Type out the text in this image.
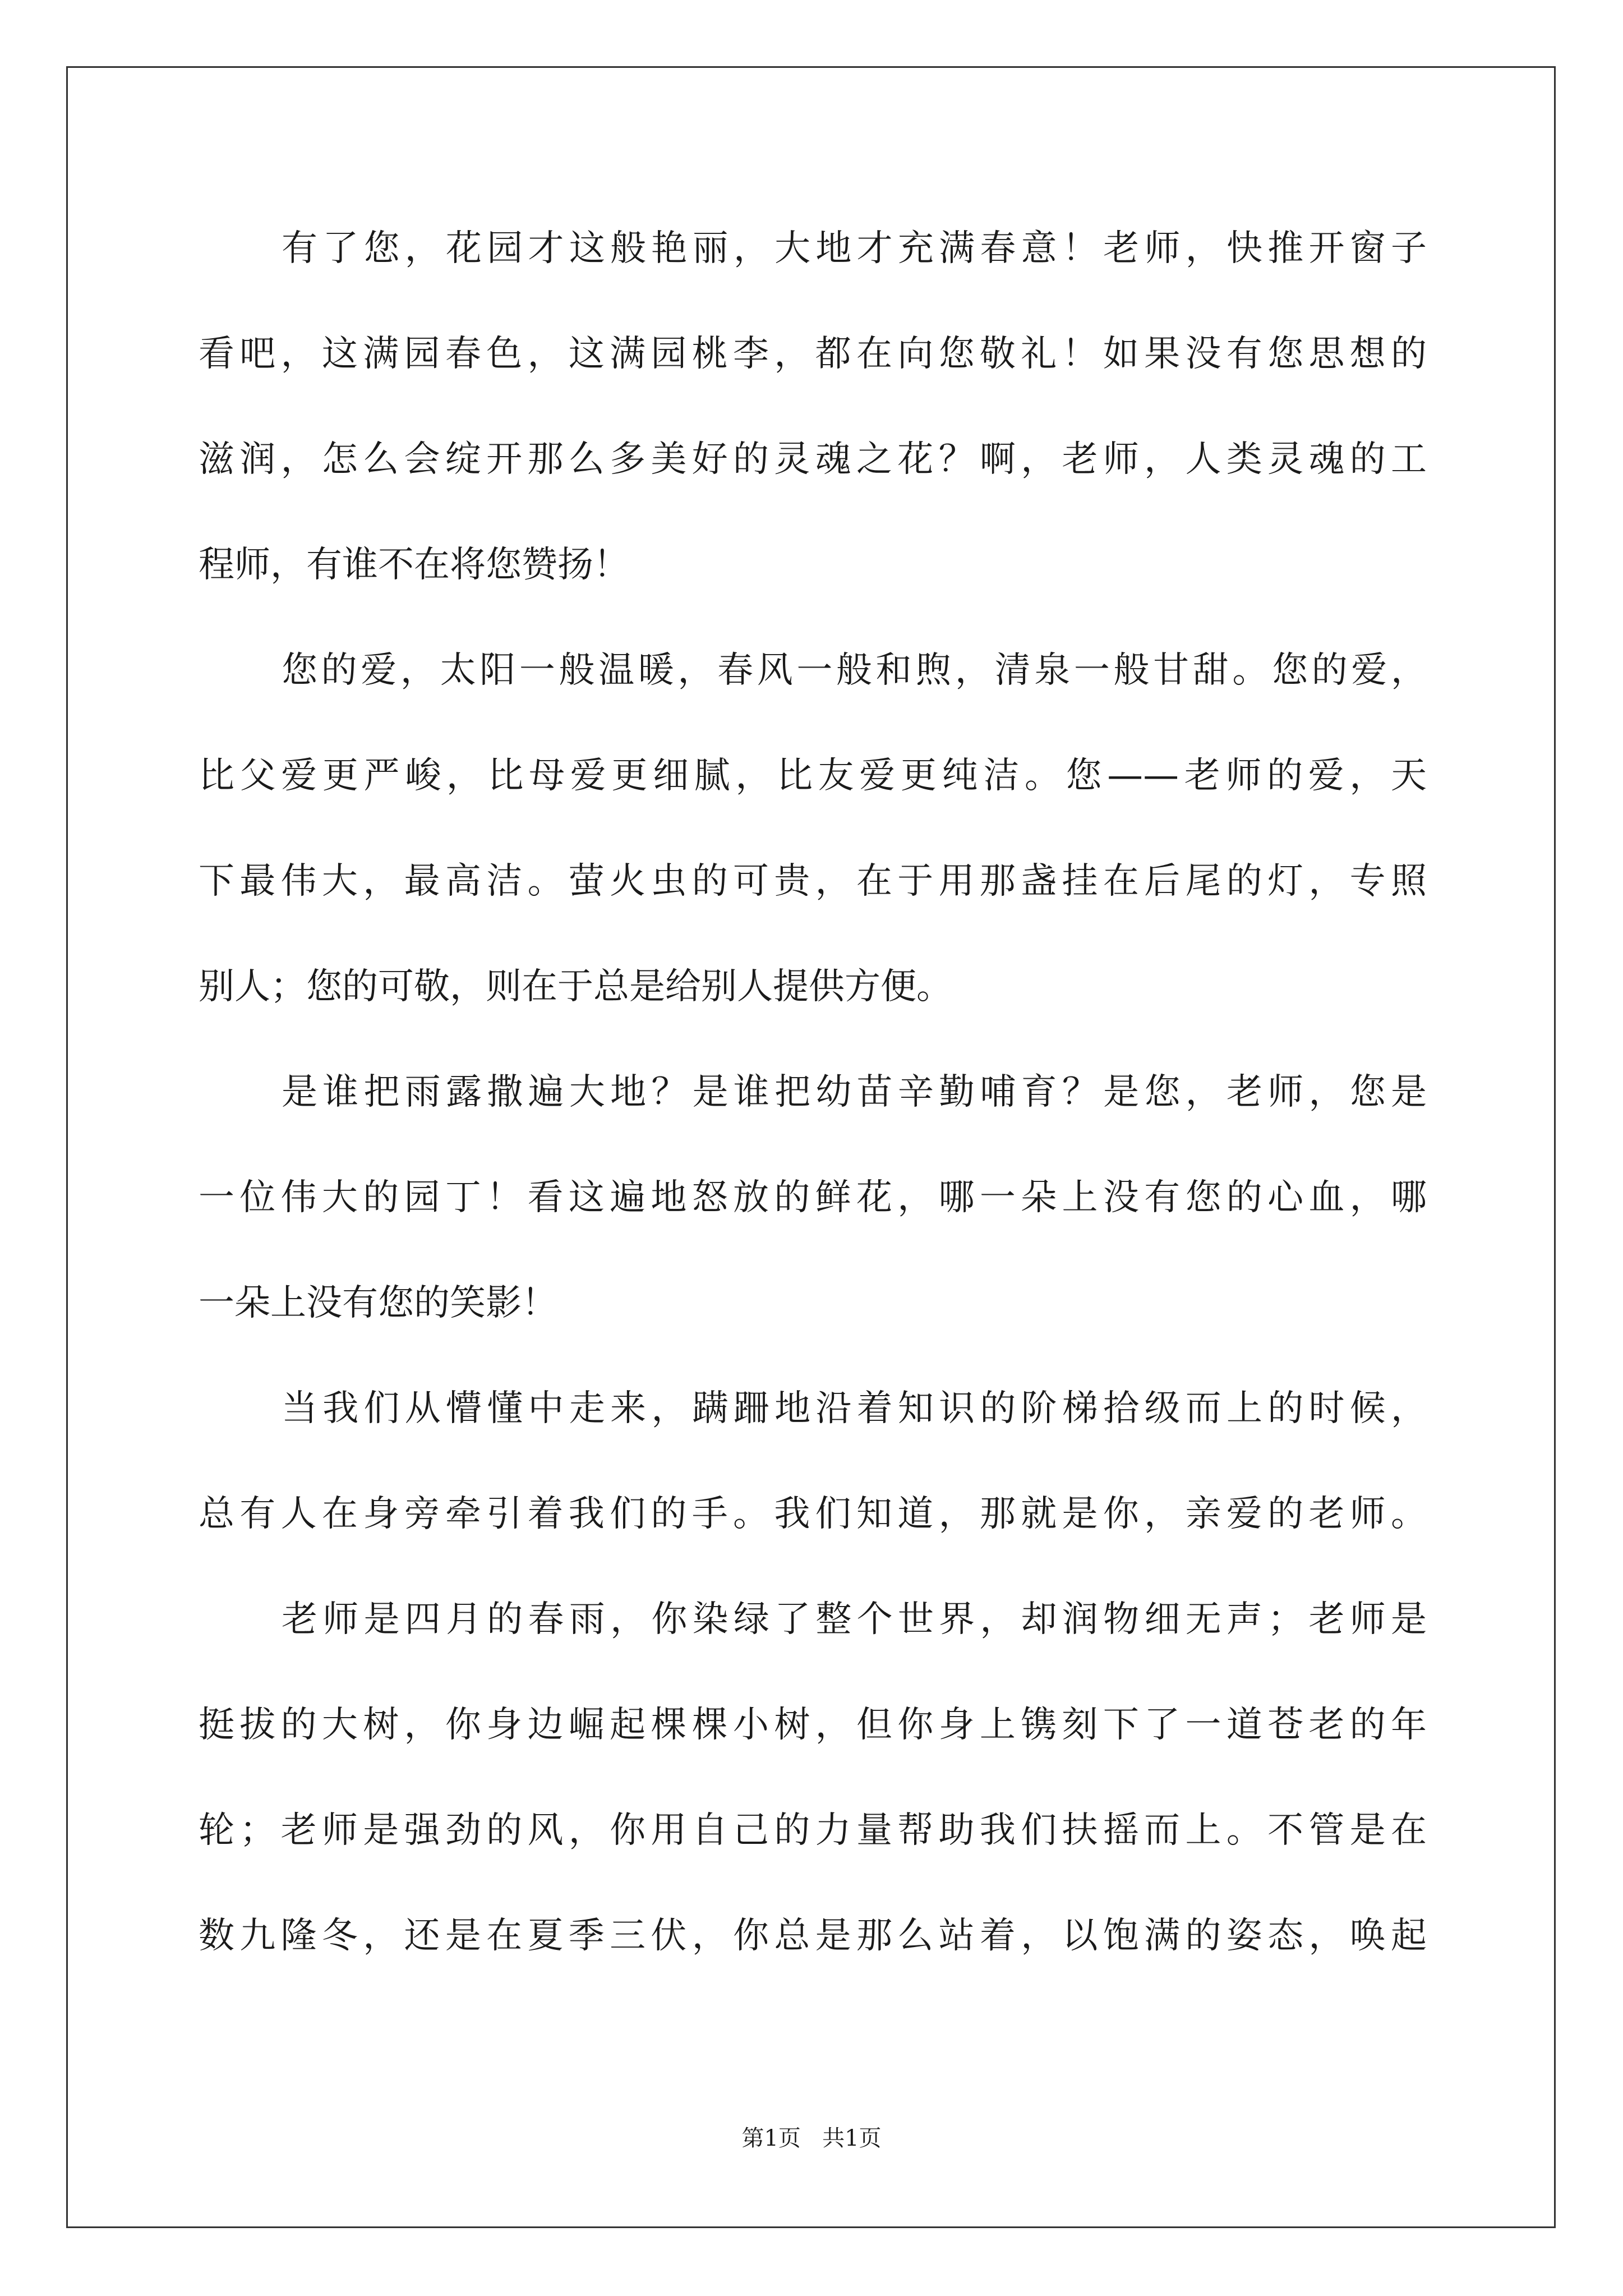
有了您，花园才这般艳丽，大地才充满春意！老师，快推开窗子
看吧，这满园春色，这满园桃李，都在向您敬礼！如果没有您思想的
滋润，怎么会绽开那么多美好的灵魂之花？啊，老师，人类灵魂的工
程师，有谁不在将您赞扬！
您的爱，太阳一般温暖，春风一般和煦，清泉一般甘甜。您的爱，
比父爱更严峻，比母爱更细腻，比友爱更纯洁。您——老师的爱，天
下最伟大，最高洁。萤火虫的可贵，在于用那盏挂在后尾的灯，专照
别人；您的可敬，则在于总是给别人提供方便。
是谁把雨露撒遍大地？是谁把幼苗辛勤哺育？是您，老师，您是
一位伟大的园丁！看这遍地怒放的鲜花，哪一朵上没有您的心血，哪
一朵上没有您的笑影！
当我们从懵懂中走来，蹒跚地沿着知识的阶梯拾级而上的时候，
总有人在身旁牵引着我们的手。我们知道，那就是你，亲爱的老师。
老师是四月的春雨，你染绿了整个世界，却润物细无声；老师是
挺拔的大树，你身边崛起棵棵小树，但你身上镌刻下了一道苍老的年
轮；老师是强劲的风，你用自己的力量帮助我们扶摇而上。不管是在
数九隆冬，还是在夏季三伏，你总是那么站着，以饱满的姿态，唤起
第1页 共1页
